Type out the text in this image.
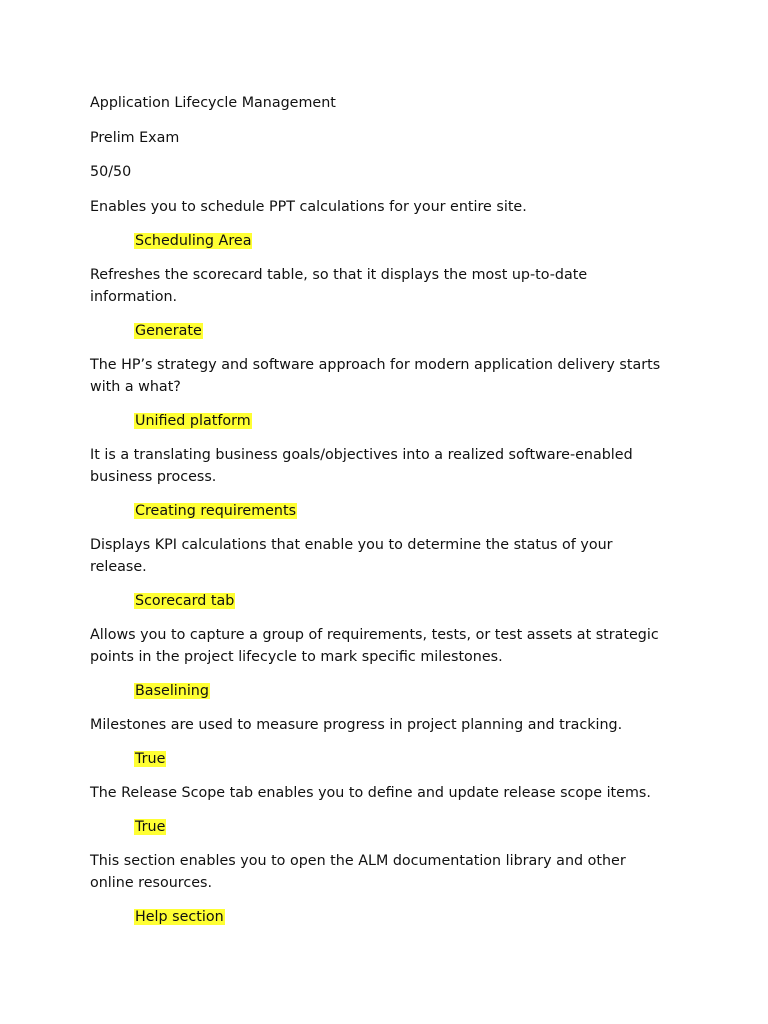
Application Lifecycle Management
Prelim Exam
50/50
Enables you to schedule PPT calculations for your entire site.
Scheduling Area
Refreshes the scorecard table, so that it displays the most up-to-date information.
Generate
The HP’s strategy and software approach for modern application delivery starts with a what?
Unified platform
It is a translating business goals/objectives into a realized software-enabled business process.
Creating requirements
Displays KPI calculations that enable you to determine the status of your release.
Scorecard tab
Allows you to capture a group of requirements, tests, or test assets at strategic points in the project lifecycle to mark specific milestones.
Baselining
Milestones are used to measure progress in project planning and tracking.
True
The Release Scope tab enables you to define and update release scope items.
True
This section enables you to open the ALM documentation library and other online resources.
Help section
